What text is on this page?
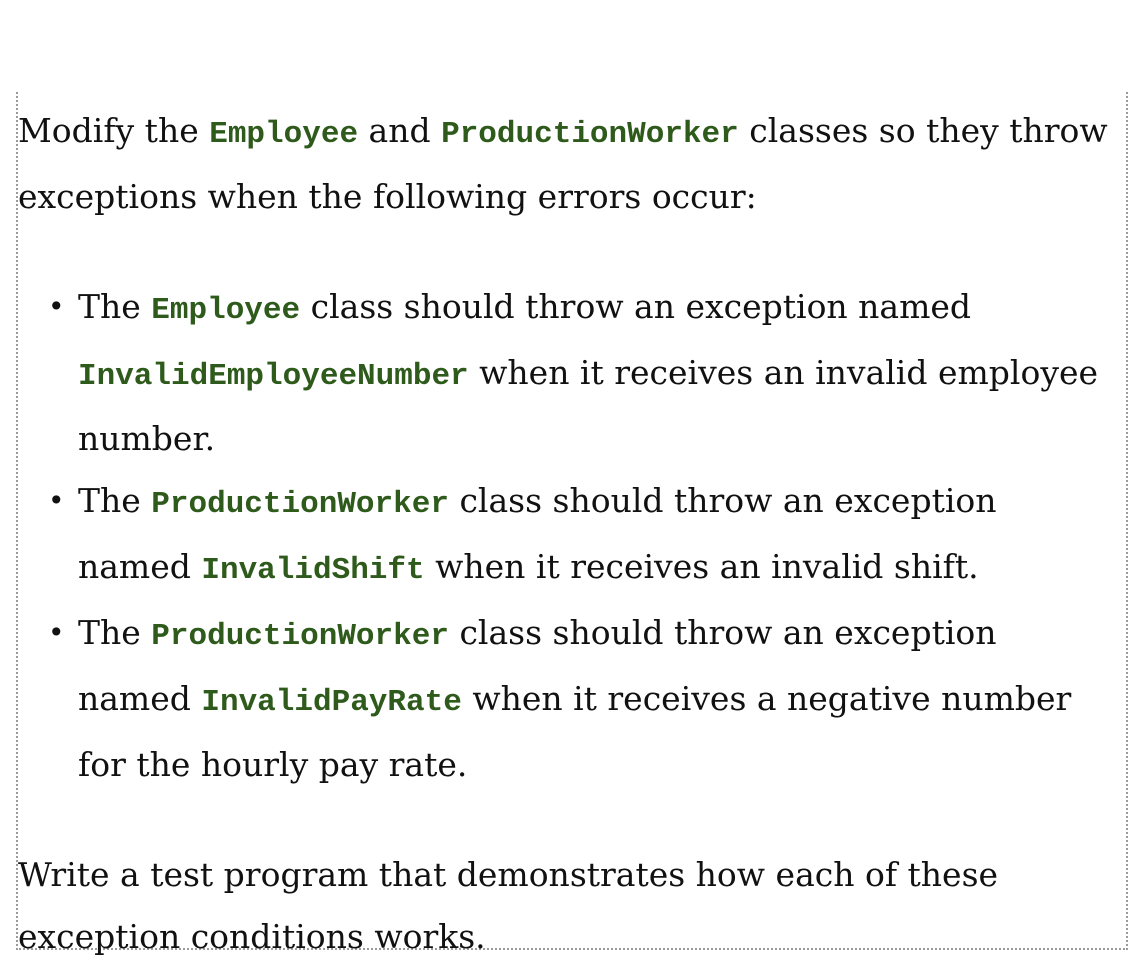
Modify the Employee and ProductionWorker classes so they throw exceptions when the following errors occur:

• The Employee class should throw an exception named InvalidEmployeeNumber when it receives an invalid employee number.
• The ProductionWorker class should throw an exception named InvalidShift when it receives an invalid shift.
• The ProductionWorker class should throw an exception named InvalidPayRate when it receives a negative number for the hourly pay rate.

Write a test program that demonstrates how each of these exception conditions works.
